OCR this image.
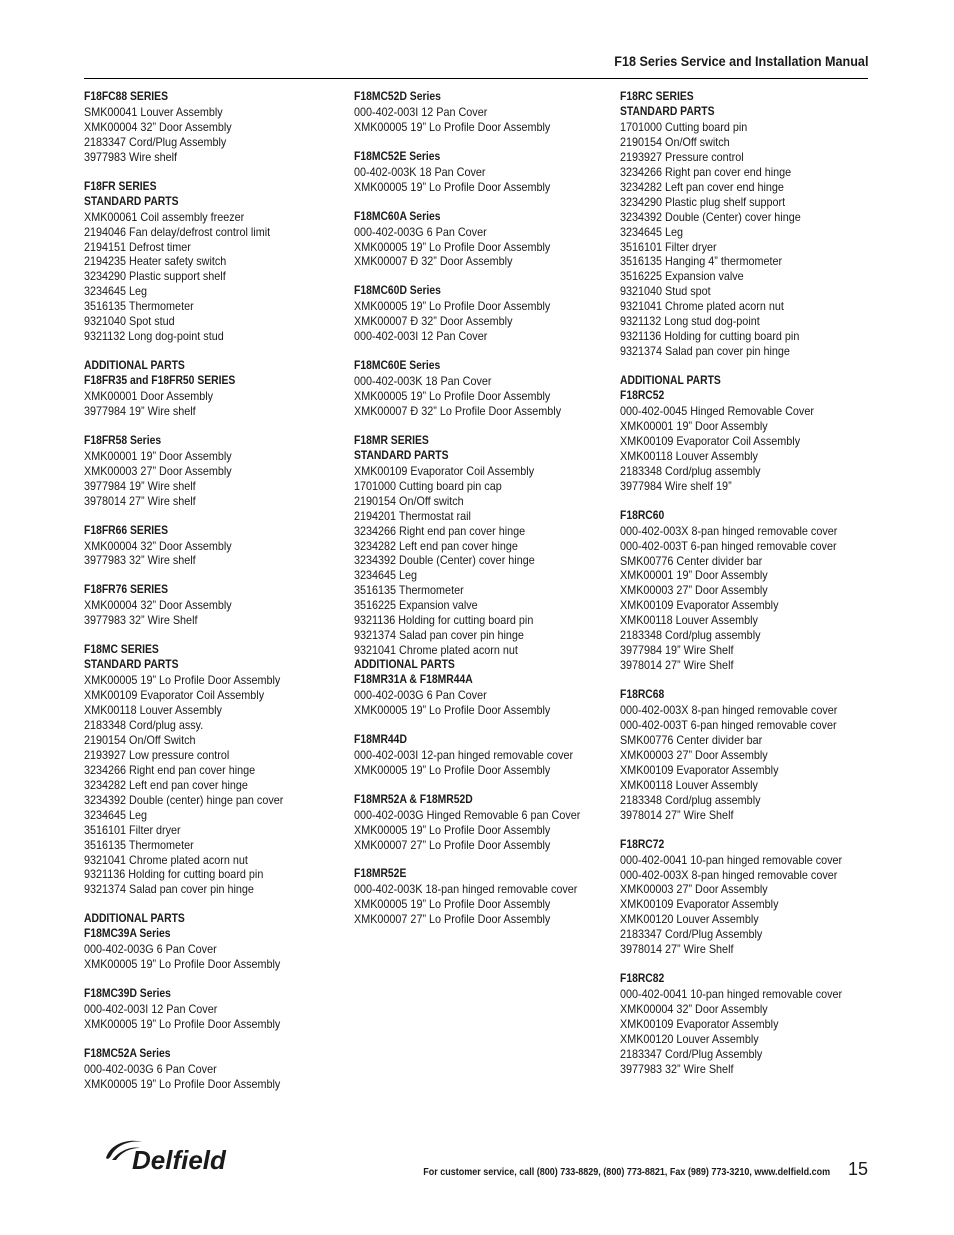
F18 Series Service and Installation Manual
F18FC88 SERIES
SMK00041 Louver Assembly
XMK00004 32” Door Assembly
2183347 Cord/Plug Assembly
3977983 Wire shelf
F18FR SERIES
STANDARD PARTS
XMK00061 Coil assembly freezer
2194046 Fan delay/defrost control limit
2194151 Defrost timer
2194235 Heater safety switch
3234290 Plastic support shelf
3234645 Leg
3516135 Thermometer
9321040 Spot stud
9321132 Long dog-point stud
ADDITIONAL PARTS
F18FR35 and F18FR50 SERIES
XMK00001 Door Assembly
3977984 19” Wire shelf
F18FR58 Series
XMK00001 19” Door Assembly
XMK00003 27” Door Assembly
3977984 19” Wire shelf
3978014 27” Wire shelf
F18FR66 SERIES
XMK00004 32” Door Assembly
3977983 32” Wire shelf
F18FR76 SERIES
XMK00004 32” Door Assembly
3977983 32” Wire Shelf
F18MC SERIES
STANDARD PARTS
XMK00005 19” Lo Profile Door Assembly
XMK00109 Evaporator Coil Assembly
XMK00118 Louver Assembly
2183348 Cord/plug assy.
2190154 On/Off Switch
2193927 Low pressure control
3234266 Right end pan cover hinge
3234282 Left end pan cover hinge
3234392 Double (center) hinge pan cover
3234645 Leg
3516101 Filter dryer
3516135 Thermometer
9321041 Chrome plated acorn nut
9321136 Holding for cutting board pin
9321374 Salad pan cover pin hinge
ADDITIONAL PARTS
F18MC39A Series
000-402-003G 6 Pan Cover
XMK00005 19” Lo Profile Door Assembly
F18MC39D Series
000-402-003I 12 Pan Cover
XMK00005 19” Lo Profile Door Assembly
F18MC52A Series
000-402-003G 6 Pan Cover
XMK00005 19” Lo Profile Door Assembly
F18MC52D Series
000-402-003I 12 Pan Cover
XMK00005 19” Lo Profile Door Assembly
F18MC52E Series
00-402-003K 18 Pan Cover
XMK00005 19” Lo Profile Door Assembly
F18MC60A Series
000-402-003G 6 Pan Cover
XMK00005 19” Lo Profile Door Assembly
XMK00007 Đ 32” Door Assembly
F18MC60D Series
XMK00005 19” Lo Profile Door Assembly
XMK00007 Đ 32” Door Assembly
000-402-003I 12 Pan Cover
F18MC60E Series
000-402-003K 18 Pan Cover
XMK00005 19” Lo Profile Door Assembly
XMK00007 Đ 32” Lo Profile Door Assembly
F18MR SERIES
STANDARD PARTS
XMK00109 Evaporator Coil Assembly
1701000 Cutting board pin cap
2190154 On/Off switch
2194201 Thermostat rail
3234266 Right end pan cover hinge
3234282 Left end pan cover hinge
3234392 Double (Center) cover hinge
3234645 Leg
3516135 Thermometer
3516225 Expansion valve
9321136 Holding for cutting board pin
9321374 Salad pan cover pin hinge
9321041 Chrome plated acorn nut
ADDITIONAL PARTS
F18MR31A & F18MR44A
000-402-003G 6 Pan Cover
XMK00005 19” Lo Profile Door Assembly
F18MR44D
000-402-003I 12-pan hinged removable cover
XMK00005 19” Lo Profile Door Assembly
F18MR52A & F18MR52D
000-402-003G Hinged Removable 6 pan Cover
XMK00005 19” Lo Profile Door Assembly
XMK00007 27” Lo Profile Door Assembly
F18MR52E
000-402-003K 18-pan hinged removable cover
XMK00005 19” Lo Profile Door Assembly
XMK00007 27” Lo Profile Door Assembly
F18RC SERIES
STANDARD PARTS
1701000 Cutting board pin
2190154 On/Off switch
2193927 Pressure control
3234266 Right pan cover end hinge
3234282 Left pan cover end hinge
3234290 Plastic plug shelf support
3234392 Double (Center) cover hinge
3234645 Leg
3516101 Filter dryer
3516135 Hanging 4” thermometer
3516225 Expansion valve
9321040 Stud spot
9321041 Chrome plated acorn nut
9321132 Long stud dog-point
9321136 Holding for cutting board pin
9321374 Salad pan cover pin hinge
ADDITIONAL PARTS
F18RC52
000-402-0045 Hinged Removable Cover
XMK00001 19” Door Assembly
XMK00109 Evaporator Coil Assembly
XMK00118 Louver Assembly
2183348 Cord/plug assembly
3977984 Wire shelf 19”
F18RC60
000-402-003X 8-pan hinged removable cover
000-402-003T 6-pan hinged removable cover
SMK00776 Center divider bar
XMK00001 19” Door Assembly
XMK00003 27” Door Assembly
XMK00109 Evaporator Assembly
XMK00118 Louver Assembly
2183348 Cord/plug assembly
3977984 19” Wire Shelf
3978014 27” Wire Shelf
F18RC68
000-402-003X 8-pan hinged removable cover
000-402-003T 6-pan hinged removable cover
SMK00776 Center divider bar
XMK00003 27” Door Assembly
XMK00109 Evaporator Assembly
XMK00118 Louver Assembly
2183348 Cord/plug assembly
3978014 27” Wire Shelf
F18RC72
000-402-0041 10-pan hinged removable cover
000-402-003X 8-pan hinged removable cover
XMK00003 27” Door Assembly
XMK00109 Evaporator Assembly
XMK00120 Louver Assembly
2183347 Cord/Plug Assembly
3978014 27” Wire Shelf
F18RC82
000-402-0041 10-pan hinged removable cover
XMK00004 32” Door Assembly
XMK00109 Evaporator Assembly
XMK00120 Louver Assembly
2183347 Cord/Plug Assembly
3977983 32” Wire Shelf
Delfield	For customer service, call (800) 733-8829, (800) 773-8821, Fax (989) 773-3210, www.delfield.com 15
